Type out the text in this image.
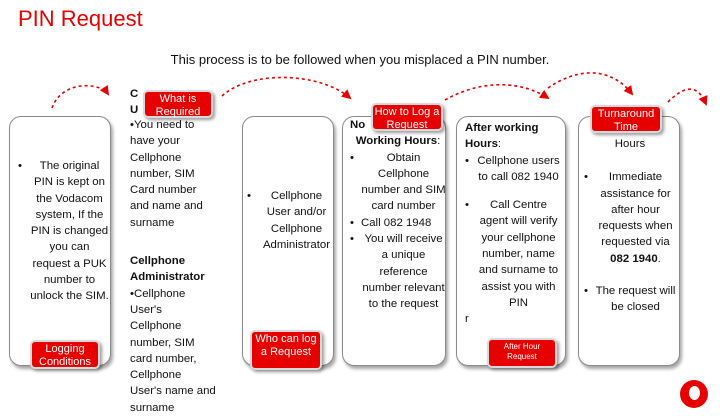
PIN Request
This process is to be followed when you misplaced a PIN number.
• The original PIN is kept on the Vodacom system, If the PIN is changed you can request a PUK number to unlock the SIM.
C
U
•You need to have your Cellphone number, SIM Card number and name and surname
Cellphone Administrator
•Cellphone User's Cellphone number, SIM card number, Cellphone User's name and surname
• Cellphone User and/or Cellphone Administrator
No
Working Hours:
• Obtain Cellphone number and SIM card number
• Call 082 1948
• You will receive a unique reference number relevant to the request
After working
Hours:
• Cellphone users to call 082 1940
• Call Centre agent will verify your cellphone number, name and surname to assist you with PIN
r
Hours
• Immediate assistance for after hour requests when requested via 082 1940.
• The request will be closed
What is Required
Logging Conditions
Who can log a Request
How to Log a Request
After Hour Request
Turnaround Time
